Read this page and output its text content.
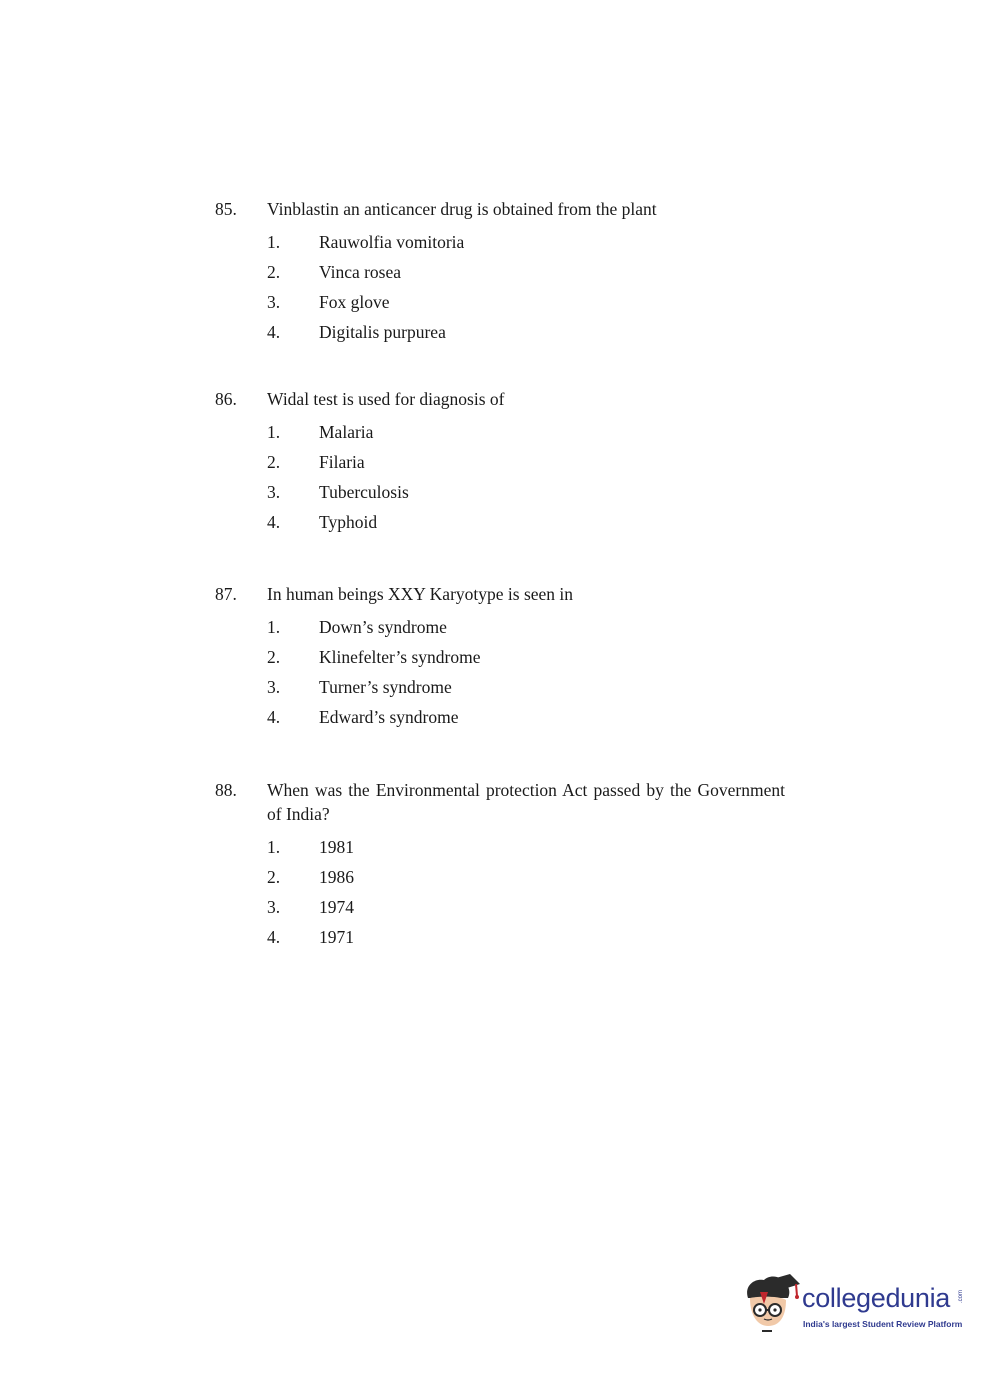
85. Vinblastin an anticancer drug is obtained from the plant
1. Rauwolfia vomitoria
2. Vinca rosea
3. Fox glove
4. Digitalis purpurea
86. Widal test is used for diagnosis of
1. Malaria
2. Filaria
3. Tuberculosis
4. Typhoid
87. In human beings XXY Karyotype is seen in
1. Down’s syndrome
2. Klinefelter’s syndrome
3. Turner’s syndrome
4. Edward’s syndrome
88. When was the Environmental protection Act passed by the Government of India?
1. 1981
2. 1986
3. 1974
4. 1971
collegedunia .com
India's largest Student Review Platform
